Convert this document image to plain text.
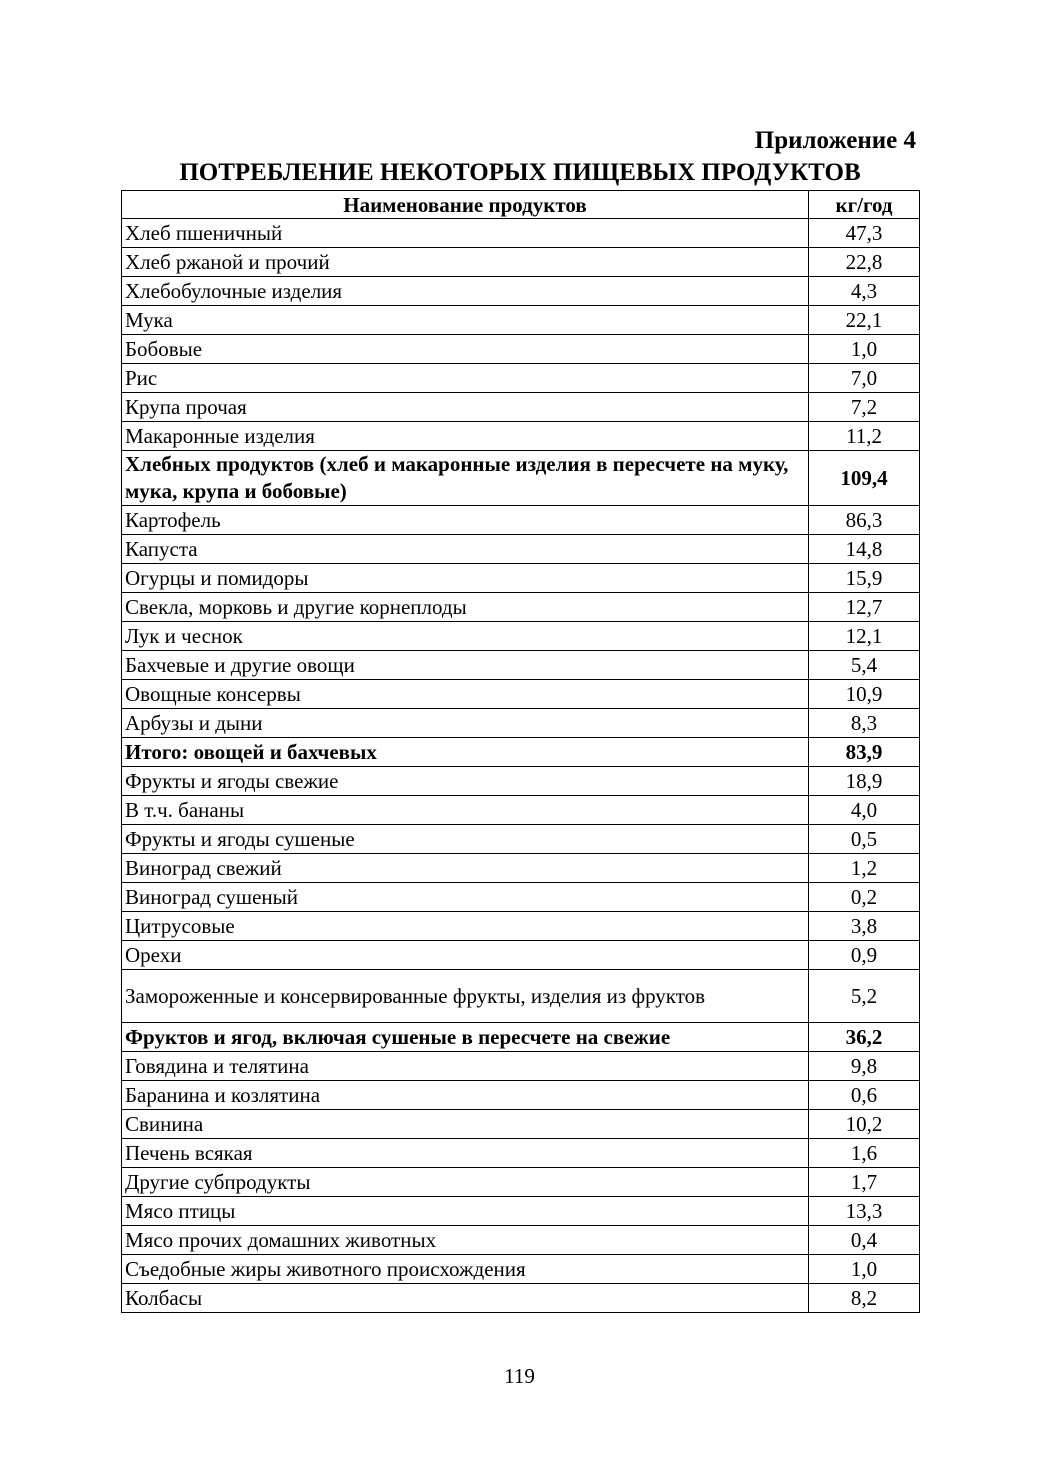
Приложение 4
ПОТРЕБЛЕНИЕ НЕКОТОРЫХ ПИЩЕВЫХ ПРОДУКТОВ
Наименование продуктов	кг/год
Хлеб пшеничный	47,3
Хлеб ржаной и прочий	22,8
Хлебобулочные изделия	4,3
Мука	22,1
Бобовые	1,0
Рис	7,0
Крупа прочая	7,2
Макаронные изделия	11,2
Хлебных продуктов (хлеб и макаронные изделия в пересчете на муку, мука, крупа и бобовые)	109,4
Картофель	86,3
Капуста	14,8
Огурцы и помидоры	15,9
Свекла, морковь и другие корнеплоды	12,7
Лук и чеснок	12,1
Бахчевые и другие овощи	5,4
Овощные консервы	10,9
Арбузы и дыни	8,3
Итого: овощей и бахчевых	83,9
Фрукты и ягоды свежие	18,9
В т.ч. бананы	4,0
Фрукты и ягоды сушеные	0,5
Виноград свежий	1,2
Виноград сушеный	0,2
Цитрусовые	3,8
Орехи	0,9
Замороженные и консервированные фрукты, изделия из фруктов	5,2
Фруктов и ягод, включая сушеные в пересчете на свежие	36,2
Говядина и телятина	9,8
Баранина и козлятина	0,6
Свинина	10,2
Печень всякая	1,6
Другие субпродукты	1,7
Мясо птицы	13,3
Мясо прочих домашних животных	0,4
Съедобные жиры животного происхождения	1,0
Колбасы	8,2
119
